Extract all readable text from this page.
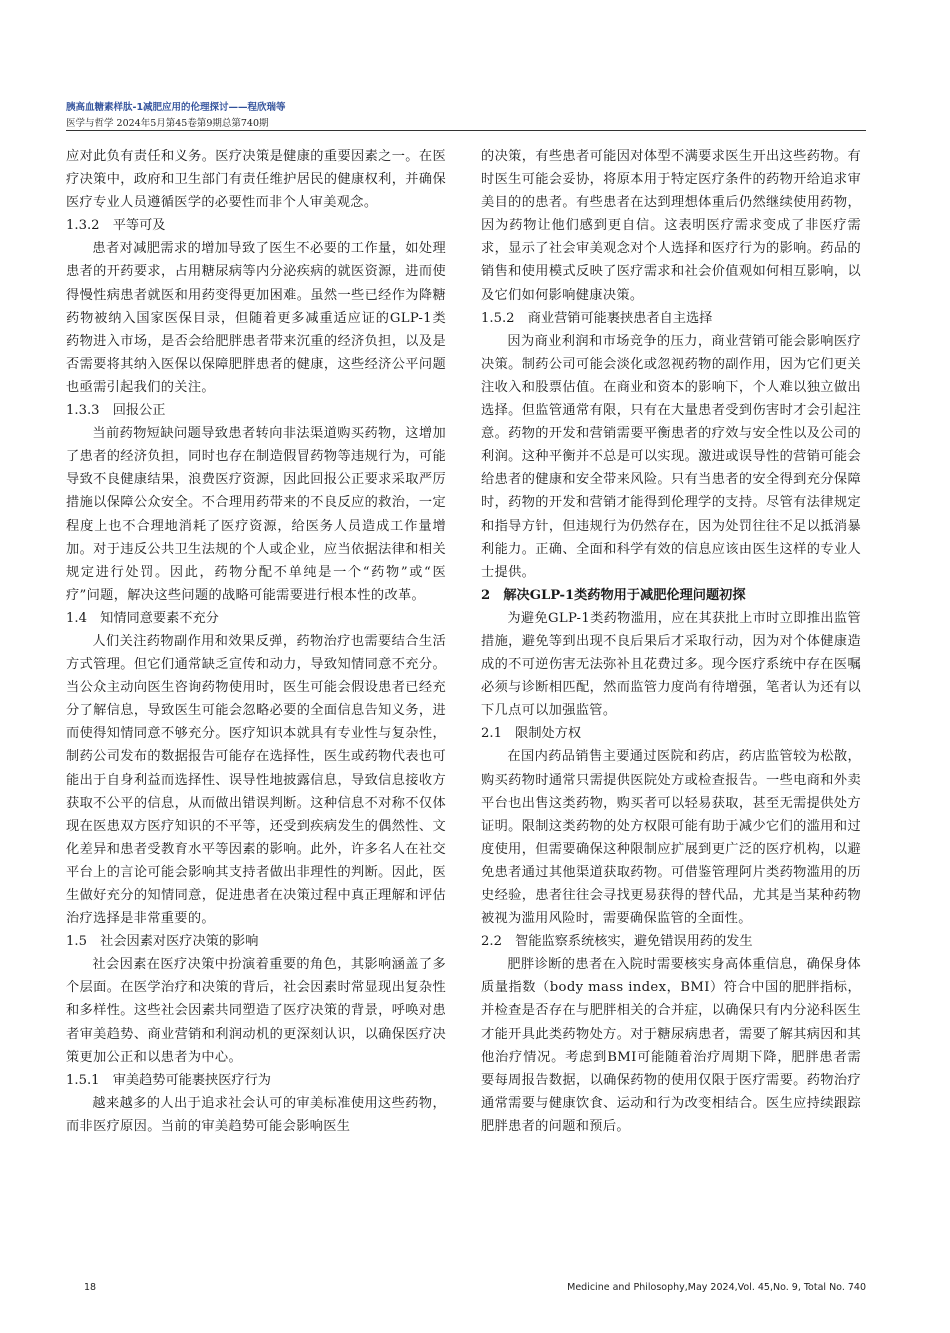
胰高血糖素样肽-1减肥应用的伦理探讨——程欣瑞等
医学与哲学 2024年5月第45卷第9期总第740期

应对此负有责任和义务。医疗决策是健康的重要因素之一。在医疗决策中，政府和卫生部门有责任维护居民的健康权利，并确保医疗专业人员遵循医学的必要性而非个人审美观念。

1.3.2　平等可及

患者对减肥需求的增加导致了医生不必要的工作量，如处理患者的开药要求，占用糖尿病等内分泌疾病的就医资源，进而使得慢性病患者就医和用药变得更加困难。虽然一些已经作为降糖药物被纳入国家医保目录，但随着更多减重适应证的GLP-1类药物进入市场，是否会给肥胖患者带来沉重的经济负担，以及是否需要将其纳入医保以保障肥胖患者的健康，这些经济公平问题也亟需引起我们的关注。

1.3.3　回报公正

当前药物短缺问题导致患者转向非法渠道购买药物，这增加了患者的经济负担，同时也存在制造假冒药物等违规行为，可能导致不良健康结果，浪费医疗资源，因此回报公正要求采取严厉措施以保障公众安全。不合理用药带来的不良反应的救治，一定程度上也不合理地消耗了医疗资源，给医务人员造成工作量增加。对于违反公共卫生法规的个人或企业，应当依据法律和相关规定进行处罚。因此，药物分配不单纯是一个“药物”或“医疗”问题，解决这些问题的战略可能需要进行根本性的改革。

1.4　知情同意要素不充分

人们关注药物副作用和效果反弹，药物治疗也需要结合生活方式管理。但它们通常缺乏宣传和动力，导致知情同意不充分。当公众主动向医生咨询药物使用时，医生可能会假设患者已经充分了解信息，导致医生可能会忽略必要的全面信息告知义务，进而使得知情同意不够充分。医疗知识本就具有专业性与复杂性，制药公司发布的数据报告可能存在选择性，医生或药物代表也可能出于自身利益而选择性、误导性地披露信息，导致信息接收方获取不公平的信息，从而做出错误判断。这种信息不对称不仅体现在医患双方医疗知识的不平等，还受到疾病发生的偶然性、文化差异和患者受教育水平等因素的影响。此外，许多名人在社交平台上的言论可能会影响其支持者做出非理性的判断。因此，医生做好充分的知情同意，促进患者在决策过程中真正理解和评估治疗选择是非常重要的。

1.5　社会因素对医疗决策的影响

社会因素在医疗决策中扮演着重要的角色，其影响涵盖了多个层面。在医学治疗和决策的背后，社会因素时常显现出复杂性和多样性。这些社会因素共同塑造了医疗决策的背景，呼唤对患者审美趋势、商业营销和利润动机的更深刻认识，以确保医疗决策更加公正和以患者为中心。

1.5.1　审美趋势可能裹挟医疗行为

越来越多的人出于追求社会认可的审美标准使用这些药物，而非医疗原因。当前的审美趋势可能会影响医生

的决策，有些患者可能因对体型不满要求医生开出这些药物。有时医生可能会妥协，将原本用于特定医疗条件的药物开给追求审美目的的患者。有些患者在达到理想体重后仍然继续使用药物，因为药物让他们感到更自信。这表明医疗需求变成了非医疗需求，显示了社会审美观念对个人选择和医疗行为的影响。药品的销售和使用模式反映了医疗需求和社会价值观如何相互影响，以及它们如何影响健康决策。

1.5.2　商业营销可能裹挟患者自主选择

因为商业利润和市场竞争的压力，商业营销可能会影响医疗决策。制药公司可能会淡化或忽视药物的副作用，因为它们更关注收入和股票估值。在商业和资本的影响下，个人难以独立做出选择。但监管通常有限，只有在大量患者受到伤害时才会引起注意。药物的开发和营销需要平衡患者的疗效与安全性以及公司的利润。这种平衡并不总是可以实现。激进或误导性的营销可能会给患者的健康和安全带来风险。只有当患者的安全得到充分保障时，药物的开发和营销才能得到伦理学的支持。尽管有法律规定和指导方针，但违规行为仍然存在，因为处罚往往不足以抵消暴利能力。正确、全面和科学有效的信息应该由医生这样的专业人士提供。

2　解决GLP-1类药物用于减肥伦理问题初探

为避免GLP-1类药物滥用，应在其获批上市时立即推出监管措施，避免等到出现不良后果后才采取行动，因为对个体健康造成的不可逆伤害无法弥补且花费过多。现今医疗系统中存在医嘱必须与诊断相匹配，然而监管力度尚有待增强，笔者认为还有以下几点可以加强监管。

2.1　限制处方权

在国内药品销售主要通过医院和药店，药店监管较为松散，购买药物时通常只需提供医院处方或检查报告。一些电商和外卖平台也出售这类药物，购买者可以轻易获取，甚至无需提供处方证明。限制这类药物的处方权限可能有助于减少它们的滥用和过度使用，但需要确保这种限制应扩展到更广泛的医疗机构，以避免患者通过其他渠道获取药物。可借鉴管理阿片类药物滥用的历史经验，患者往往会寻找更易获得的替代品，尤其是当某种药物被视为滥用风险时，需要确保监管的全面性。

2.2　智能监察系统核实，避免错误用药的发生

肥胖诊断的患者在入院时需要核实身高体重信息，确保身体质量指数（body mass index，BMI）符合中国的肥胖指标，并检查是否存在与肥胖相关的合并症，以确保只有内分泌科医生才能开具此类药物处方。对于糖尿病患者，需要了解其病因和其他治疗情况。考虑到BMI可能随着治疗周期下降，肥胖患者需要每周报告数据，以确保药物的使用仅限于医疗需要。药物治疗通常需要与健康饮食、运动和行为改变相结合。医生应持续跟踪肥胖患者的问题和预后。

18	Medicine and Philosophy,May 2024,Vol. 45,No. 9, Total No. 740
